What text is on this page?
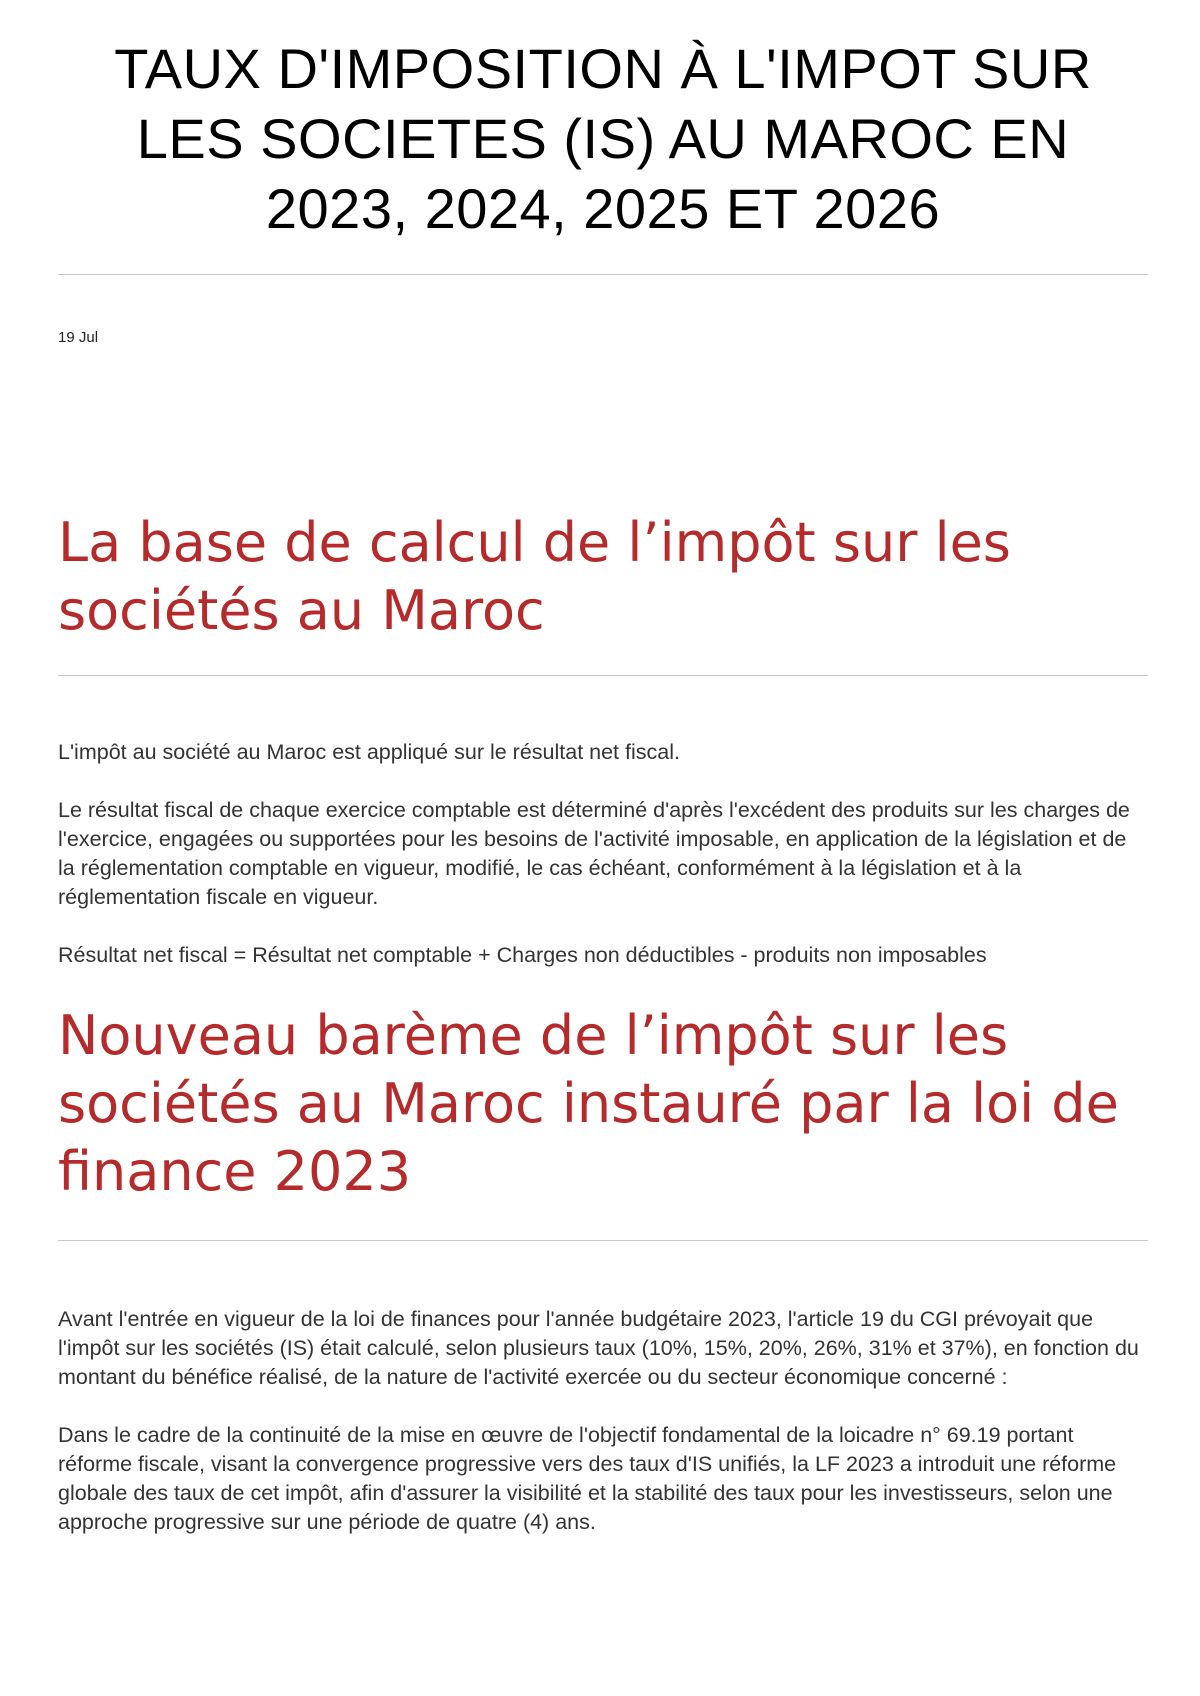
TAUX D'IMPOSITION À L'IMPOT SUR LES SOCIETES (IS) AU MAROC EN 2023, 2024, 2025 ET 2026
19 Jul
La base de calcul de l’impôt sur les sociétés au Maroc

L'impôt au société au Maroc est appliqué sur le résultat net fiscal.

Le résultat fiscal de chaque exercice comptable est déterminé d'après l'excédent des produits sur les charges de l'exercice, engagées ou supportées pour les besoins de l'activité imposable, en application de la législation et de la réglementation comptable en vigueur, modifié, le cas échéant, conformément à la législation et à la réglementation fiscale en vigueur.

Résultat net fiscal = Résultat net comptable + Charges non déductibles - produits non imposables

Nouveau barème de l’impôt sur les sociétés au Maroc instauré par la loi de finance 2023

Avant l'entrée en vigueur de la loi de finances pour l'année budgétaire 2023, l'article 19 du CGI prévoyait que l'impôt sur les sociétés (IS) était calculé, selon plusieurs taux (10%, 15%, 20%, 26%, 31% et 37%), en fonction du montant du bénéfice réalisé, de la nature de l'activité exercée ou du secteur économique concerné :

Dans le cadre de la continuité de la mise en œuvre de l'objectif fondamental de la loicadre n° 69.19 portant réforme fiscale, visant la convergence progressive vers des taux d'IS unifiés, la LF 2023 a introduit une réforme globale des taux de cet impôt, afin d'assurer la visibilité et la stabilité des taux pour les investisseurs, selon une approche progressive sur une période de quatre (4) ans.
